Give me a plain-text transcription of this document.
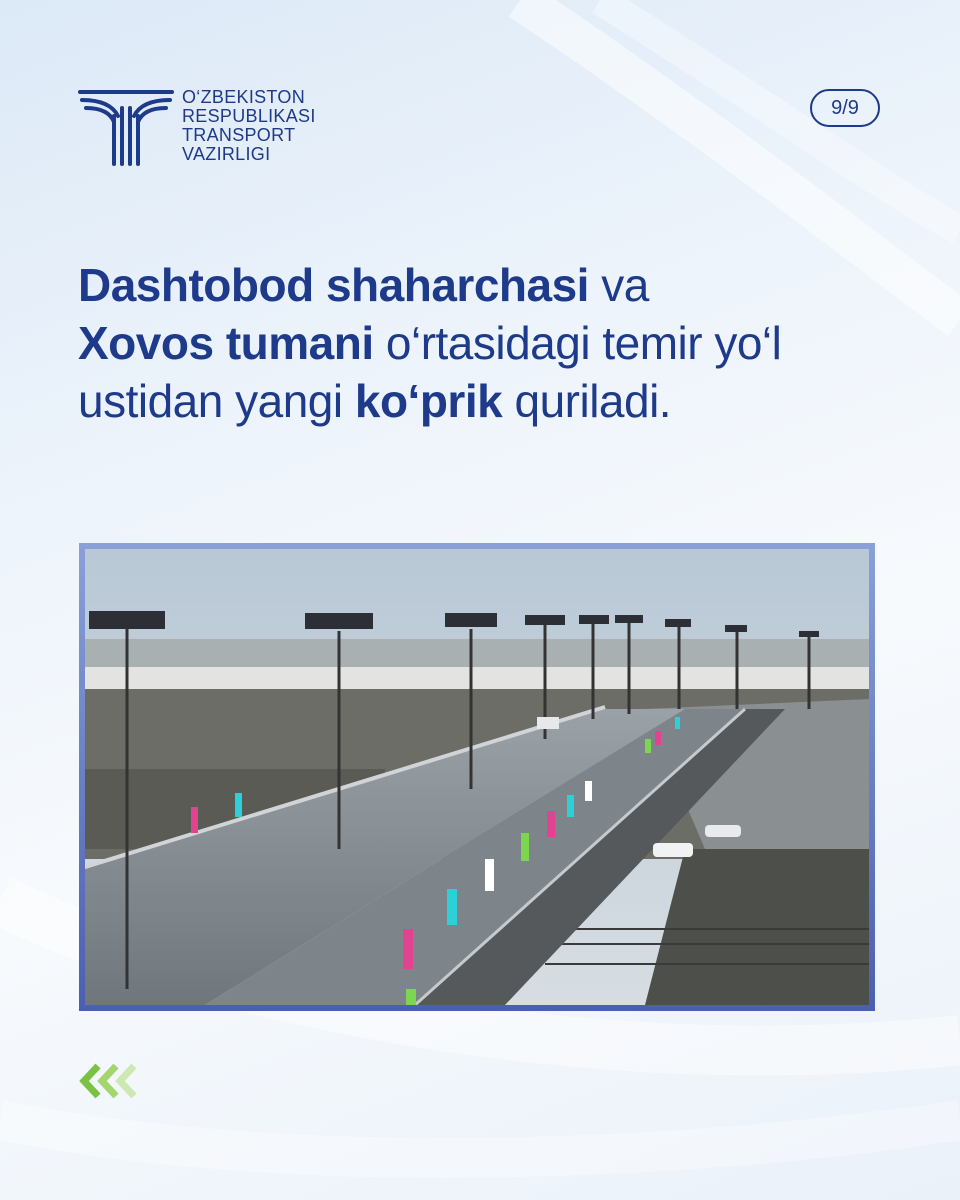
O‘ZBEKISTON
RESPUBLIKASI
TRANSPORT
VAZIRLIGI
9/9
Dashtobod shaharchasi va
Xovos tumani o‘rtasidagi temir yo‘l
ustidan yangi ko‘prik quriladi.
